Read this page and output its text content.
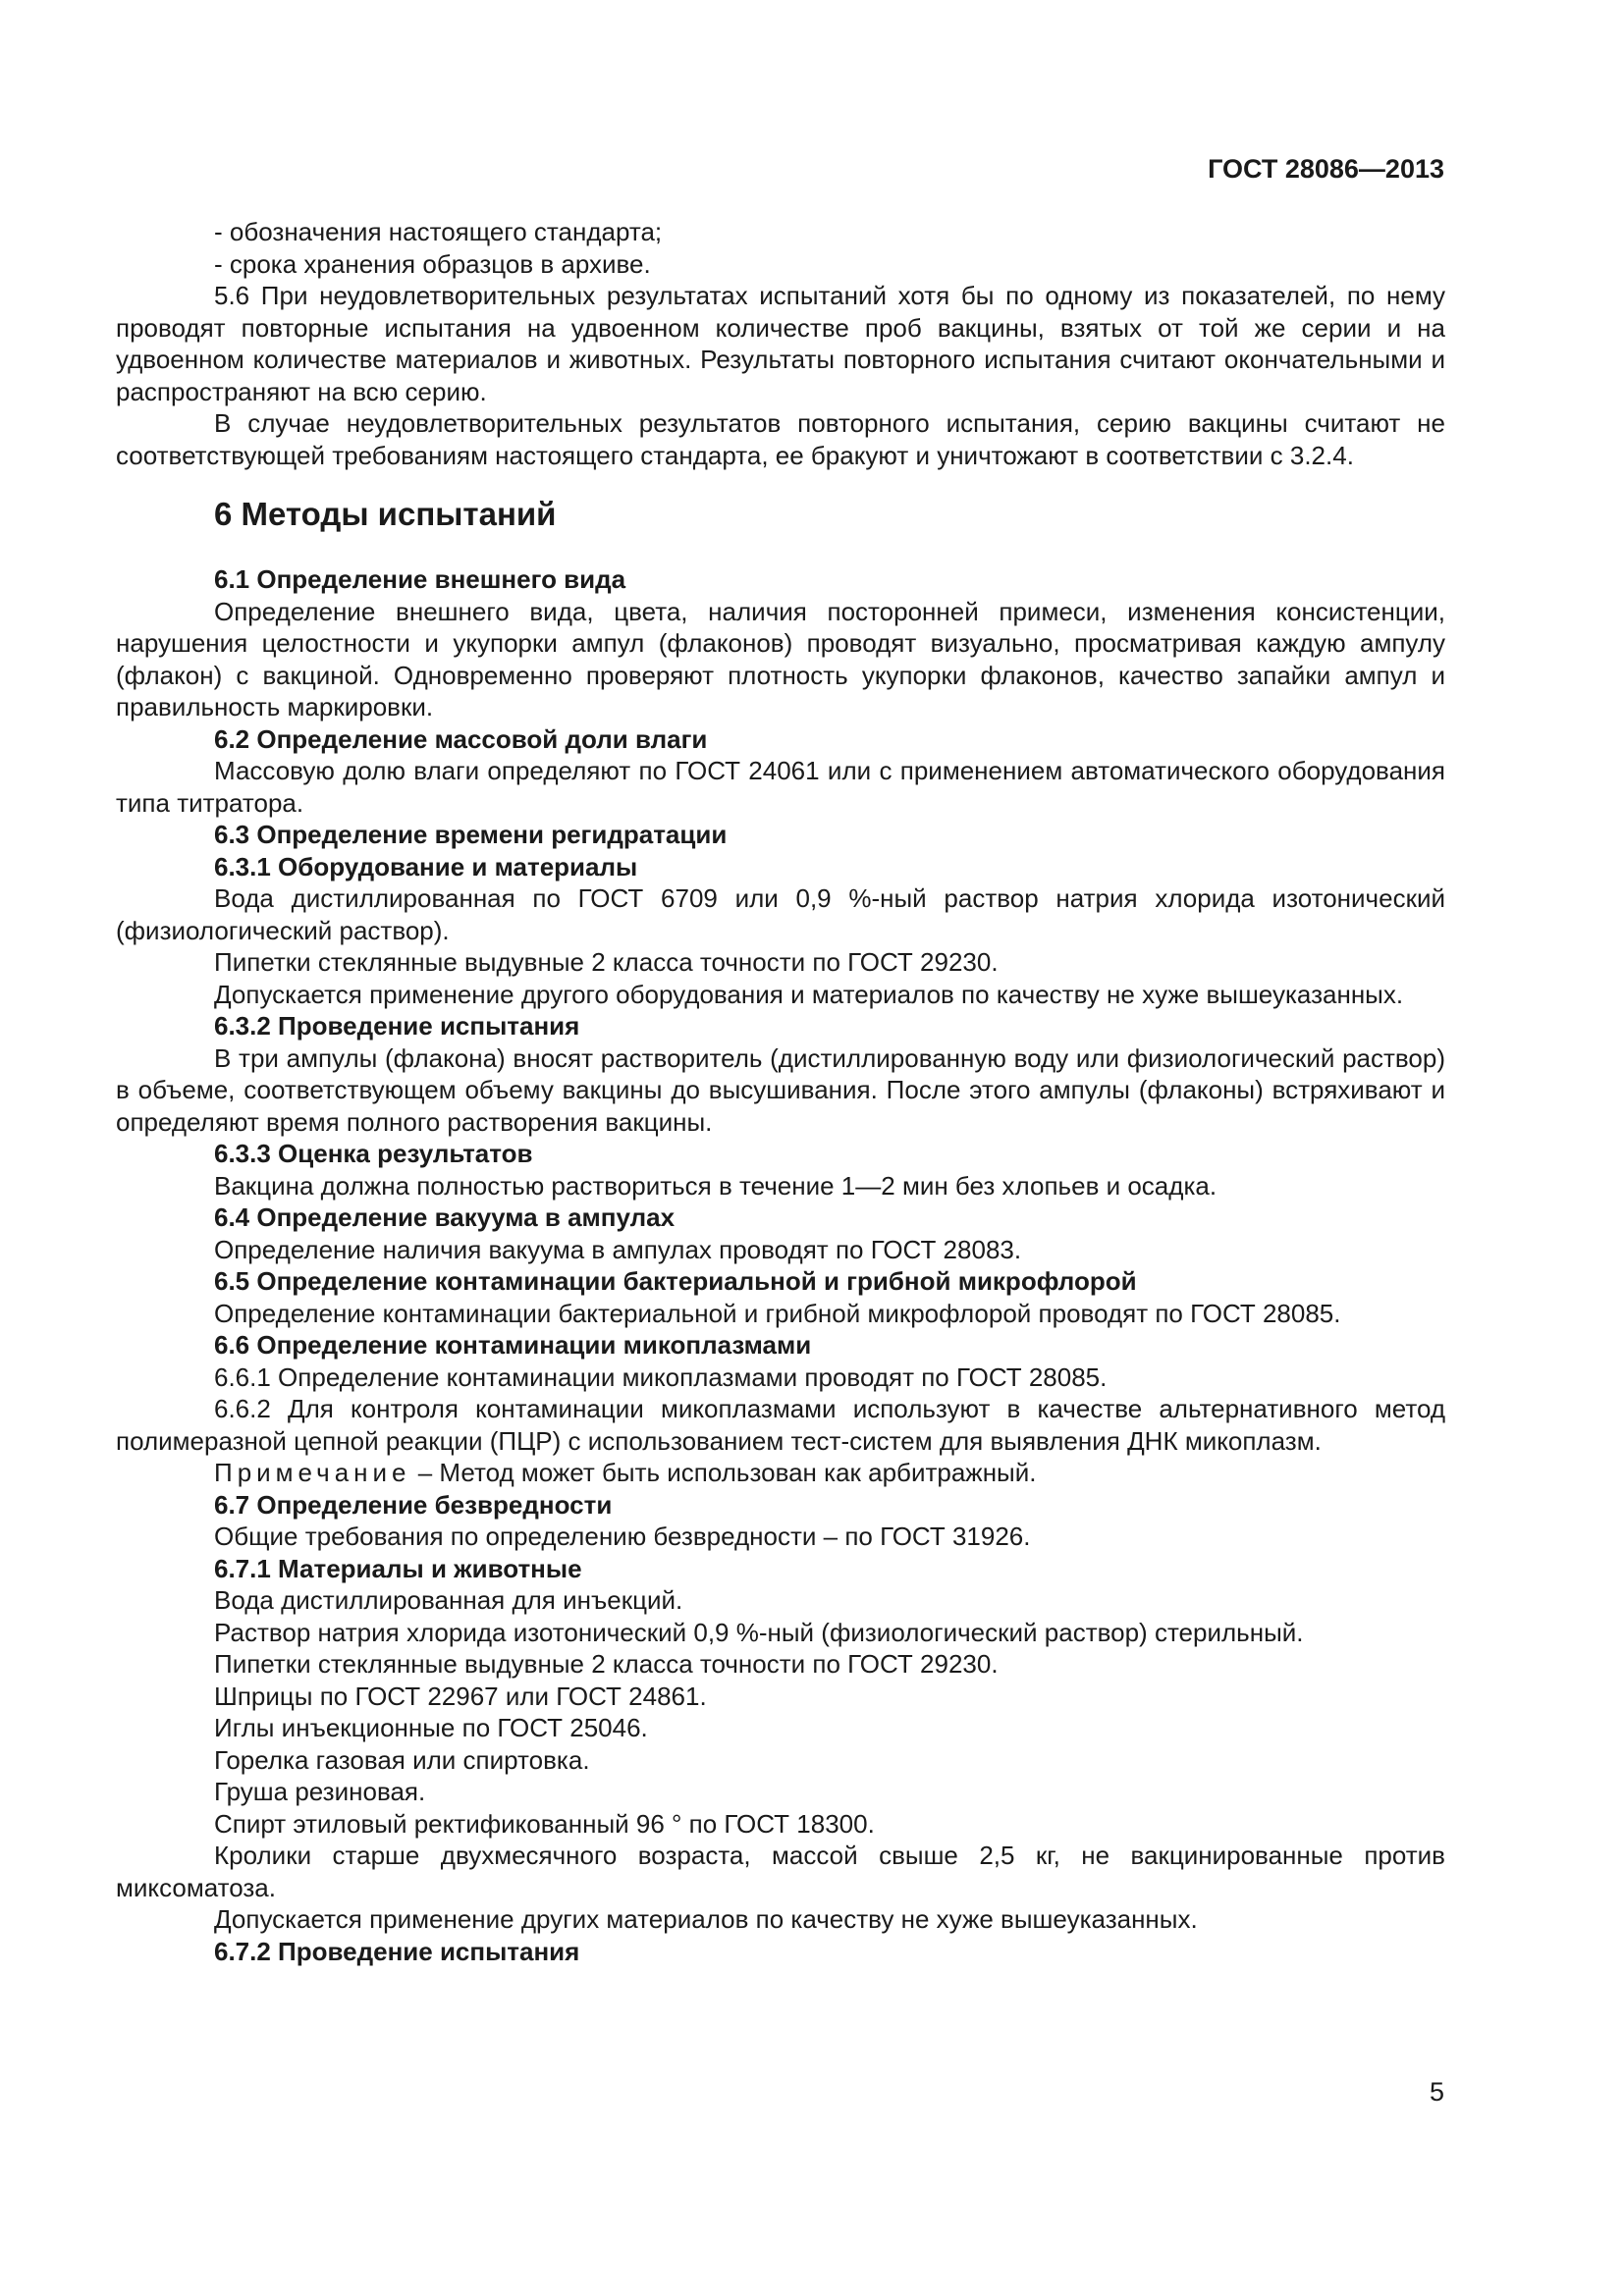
ГОСТ 28086—2013

- обозначения настоящего стандарта;

- срока хранения образцов в архиве.

5.6 При неудовлетворительных результатах испытаний хотя бы по одному из показателей, по нему проводят повторные испытания на удвоенном количестве проб вакцины, взятых от той же серии и на удвоенном количестве материалов и животных. Результаты повторного испытания считают окончательными и распространяют на всю серию.

В случае неудовлетворительных результатов повторного испытания, серию вакцины считают не соответствующей требованиям настоящего стандарта, ее бракуют и уничтожают в соответствии с 3.2.4.

6 Методы испытаний
6.1 Определение внешнего вида

Определение внешнего вида, цвета, наличия посторонней примеси, изменения консистенции, нарушения целостности и укупорки ампул (флаконов) проводят визуально, просматривая каждую ампулу (флакон) с вакциной. Одновременно проверяют плотность укупорки флаконов, качество запайки ампул и правильность маркировки.

6.2 Определение массовой доли влаги

Массовую долю влаги определяют по ГОСТ 24061 или с применением автоматического оборудования типа титратора.

6.3 Определение времени регидратации
6.3.1 Оборудование и материалы

Вода дистиллированная по ГОСТ 6709 или 0,9 %-ный раствор натрия хлорида изотонический (физиологический раствор).

Пипетки стеклянные выдувные 2 класса точности по ГОСТ 29230.

Допускается применение другого оборудования и материалов по качеству не хуже вышеуказанных.

6.3.2 Проведение испытания

В три ампулы (флакона) вносят растворитель (дистиллированную воду или физиологический раствор) в объеме, соответствующем объему вакцины до высушивания. После этого ампулы (флаконы) встряхивают и определяют время полного растворения вакцины.

6.3.3 Оценка результатов

Вакцина должна полностью раствориться в течение 1—2 мин без хлопьев и осадка.

6.4 Определение вакуума в ампулах

Определение наличия вакуума в ампулах проводят по ГОСТ 28083.

6.5 Определение контаминации бактериальной и грибной микрофлорой

Определение контаминации бактериальной и грибной микрофлорой проводят по ГОСТ 28085.

6.6 Определение контаминации микоплазмами

6.6.1 Определение контаминации микоплазмами проводят по ГОСТ 28085.

6.6.2 Для контроля контаминации микоплазмами используют в качестве альтернативного метод полимеразной цепной реакции (ПЦР) с использованием тест-систем для выявления ДНК микоплазм.

Примечание – Метод может быть использован как арбитражный.

6.7 Определение безвредности

Общие требования по определению безвредности – по ГОСТ 31926.

6.7.1 Материалы и животные

Вода дистиллированная для инъекций.

Раствор натрия хлорида изотонический 0,9 %-ный (физиологический раствор) стерильный.

Пипетки стеклянные выдувные 2 класса точности по ГОСТ 29230.

Шприцы по ГОСТ 22967 или ГОСТ 24861.

Иглы инъекционные по ГОСТ 25046.

Горелка газовая или спиртовка.

Груша резиновая.

Спирт этиловый ректификованный 96 ° по ГОСТ 18300.

Кролики старше двухмесячного возраста, массой свыше 2,5 кг, не вакцинированные против миксоматоза.

Допускается применение других материалов по качеству не хуже вышеуказанных.

6.7.2 Проведение испытания
5
